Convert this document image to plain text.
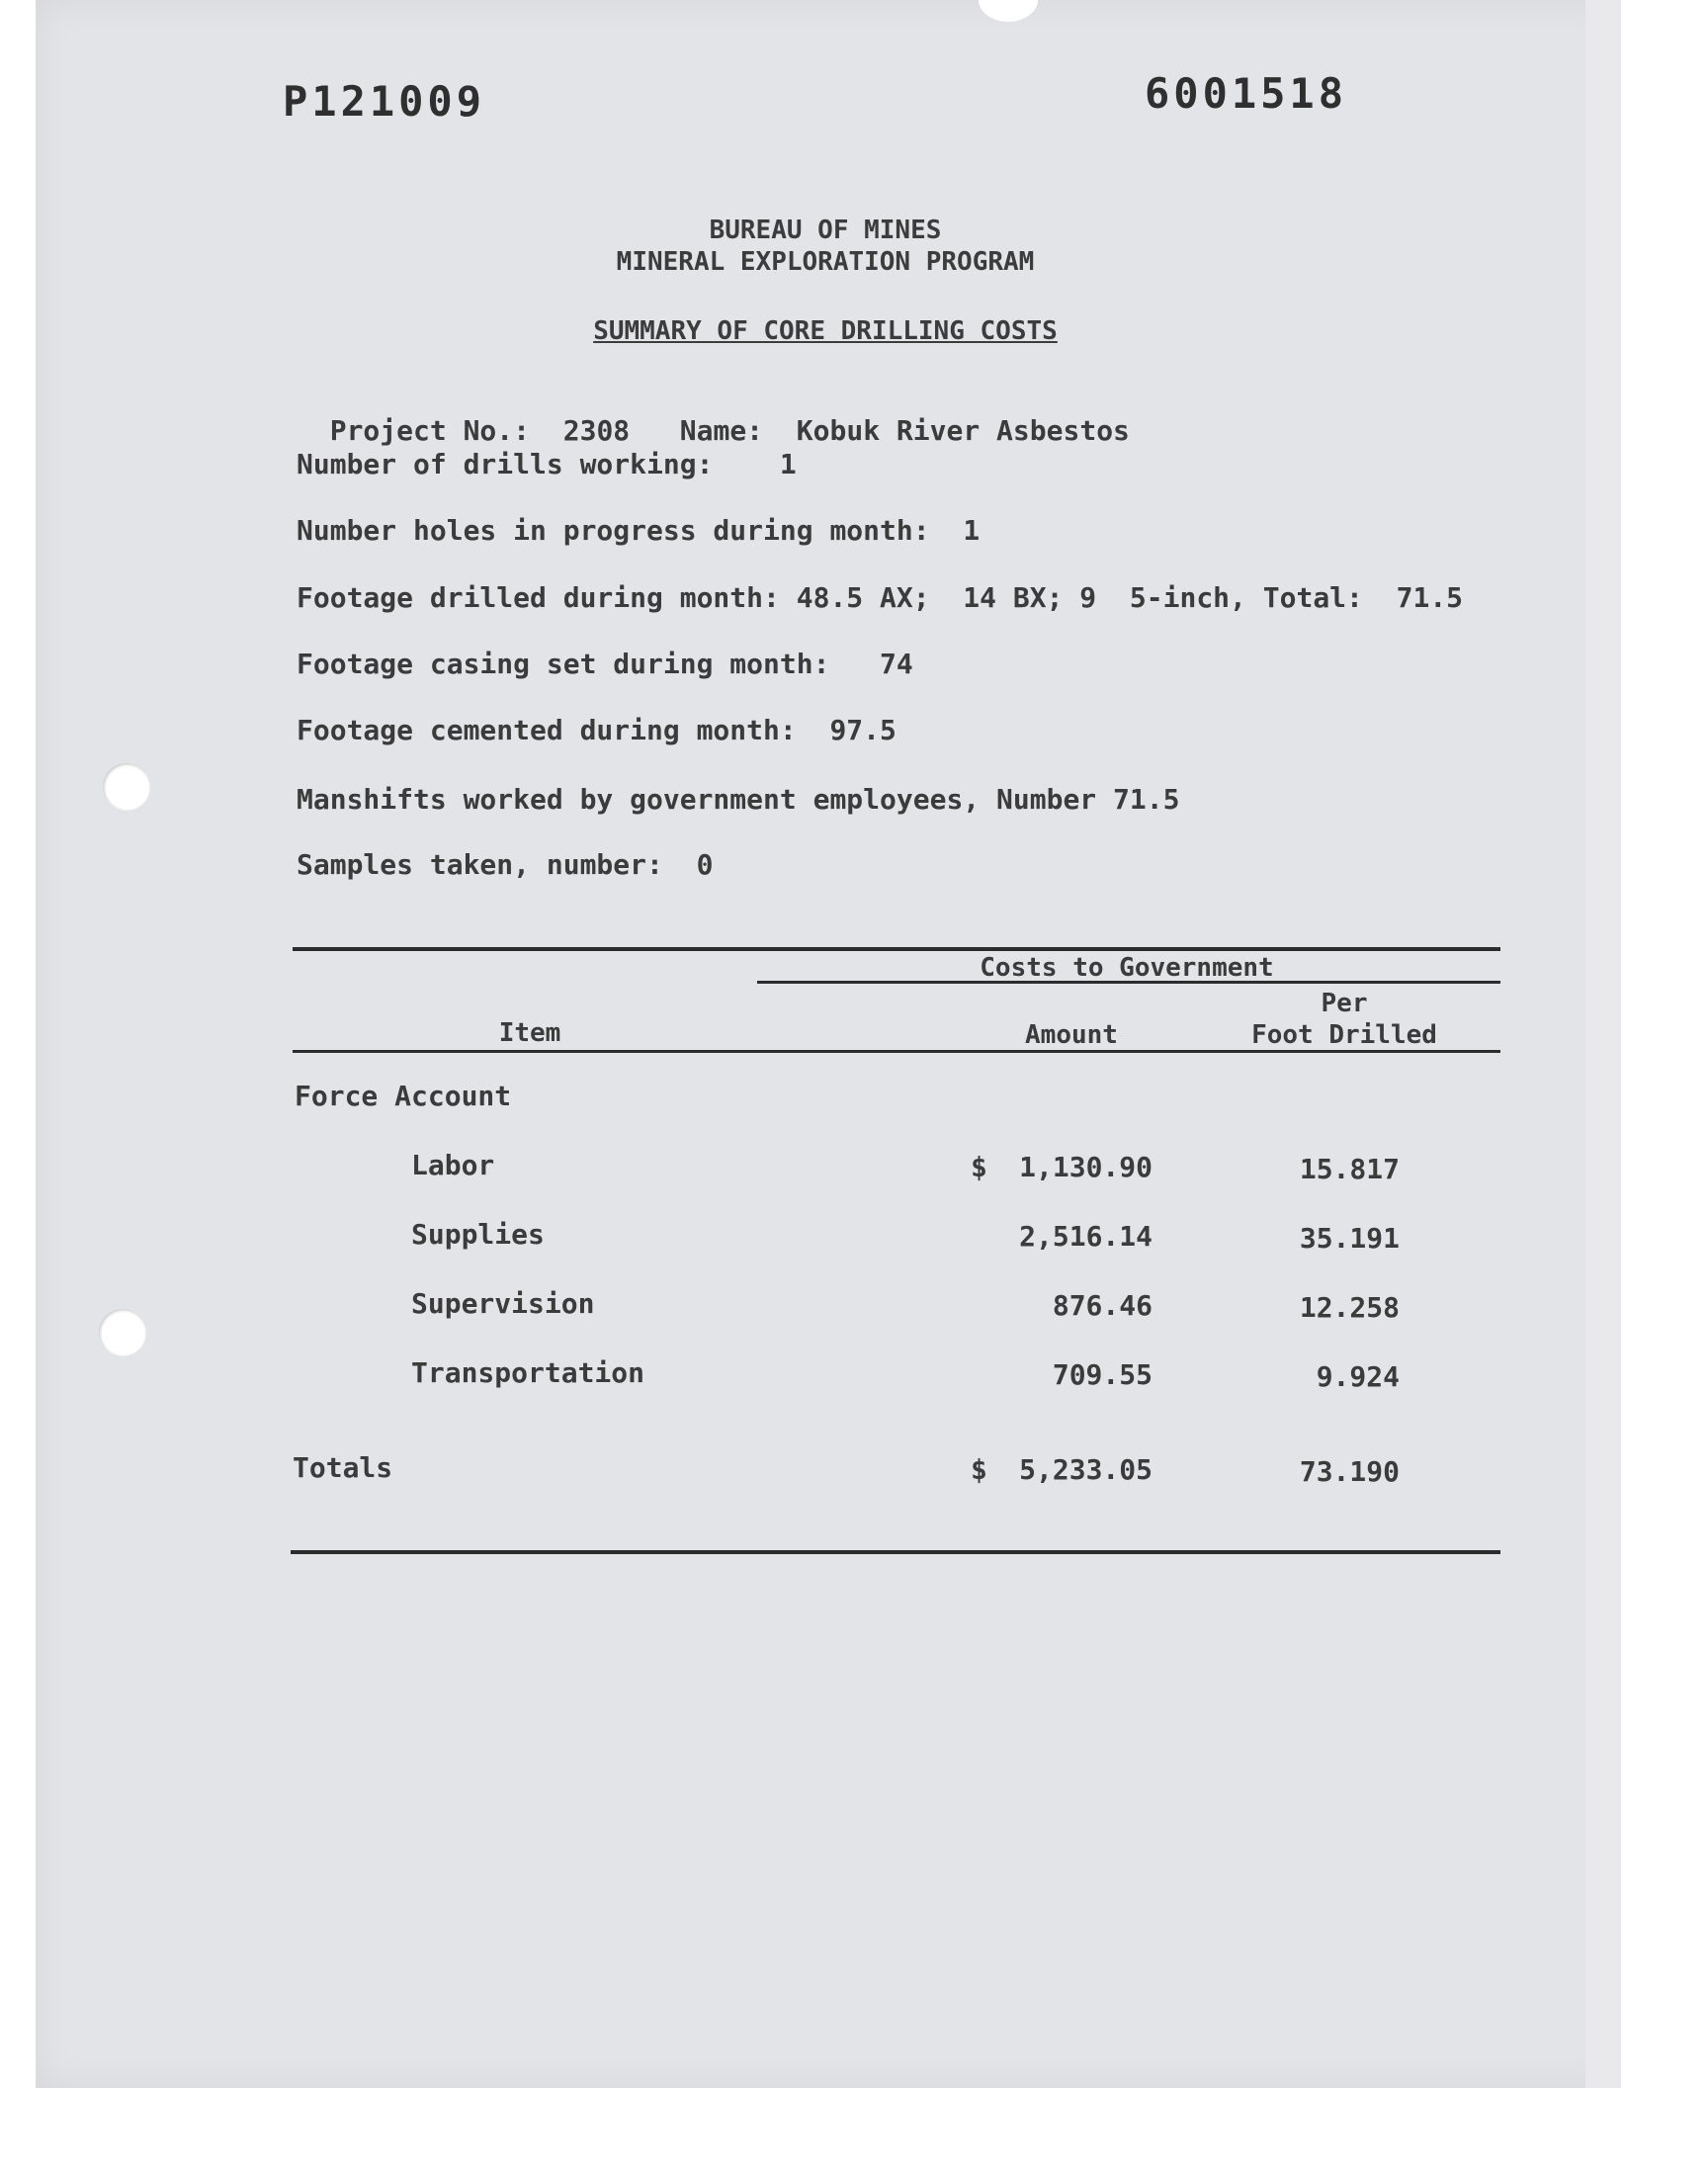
P121009	6001518
BUREAU OF MINES
MINERAL EXPLORATION PROGRAM
SUMMARY OF CORE DRILLING COSTS

Project No.: 2308 Name: Kobuk River Asbestos

Number of drills working: 1
Number holes in progress during month: 1
Footage drilled during month: 48.5 AX;  14 BX; 9  5-inch, Total:  71.5
Footage casing set during month: 74
Footage cemented during month: 97.5
Manshifts worked by government employees, Number 71.5
Samples taken, number: 0
Costs to Government
Per
Item	Amount	Foot Drilled
Force Account
Labor	$	1,130.90	15.817
Supplies	2,516.14	35.191
Supervision	876.46	12.258
Transportation	709.55	9.924
Totals	$	5,233.05	73.190
